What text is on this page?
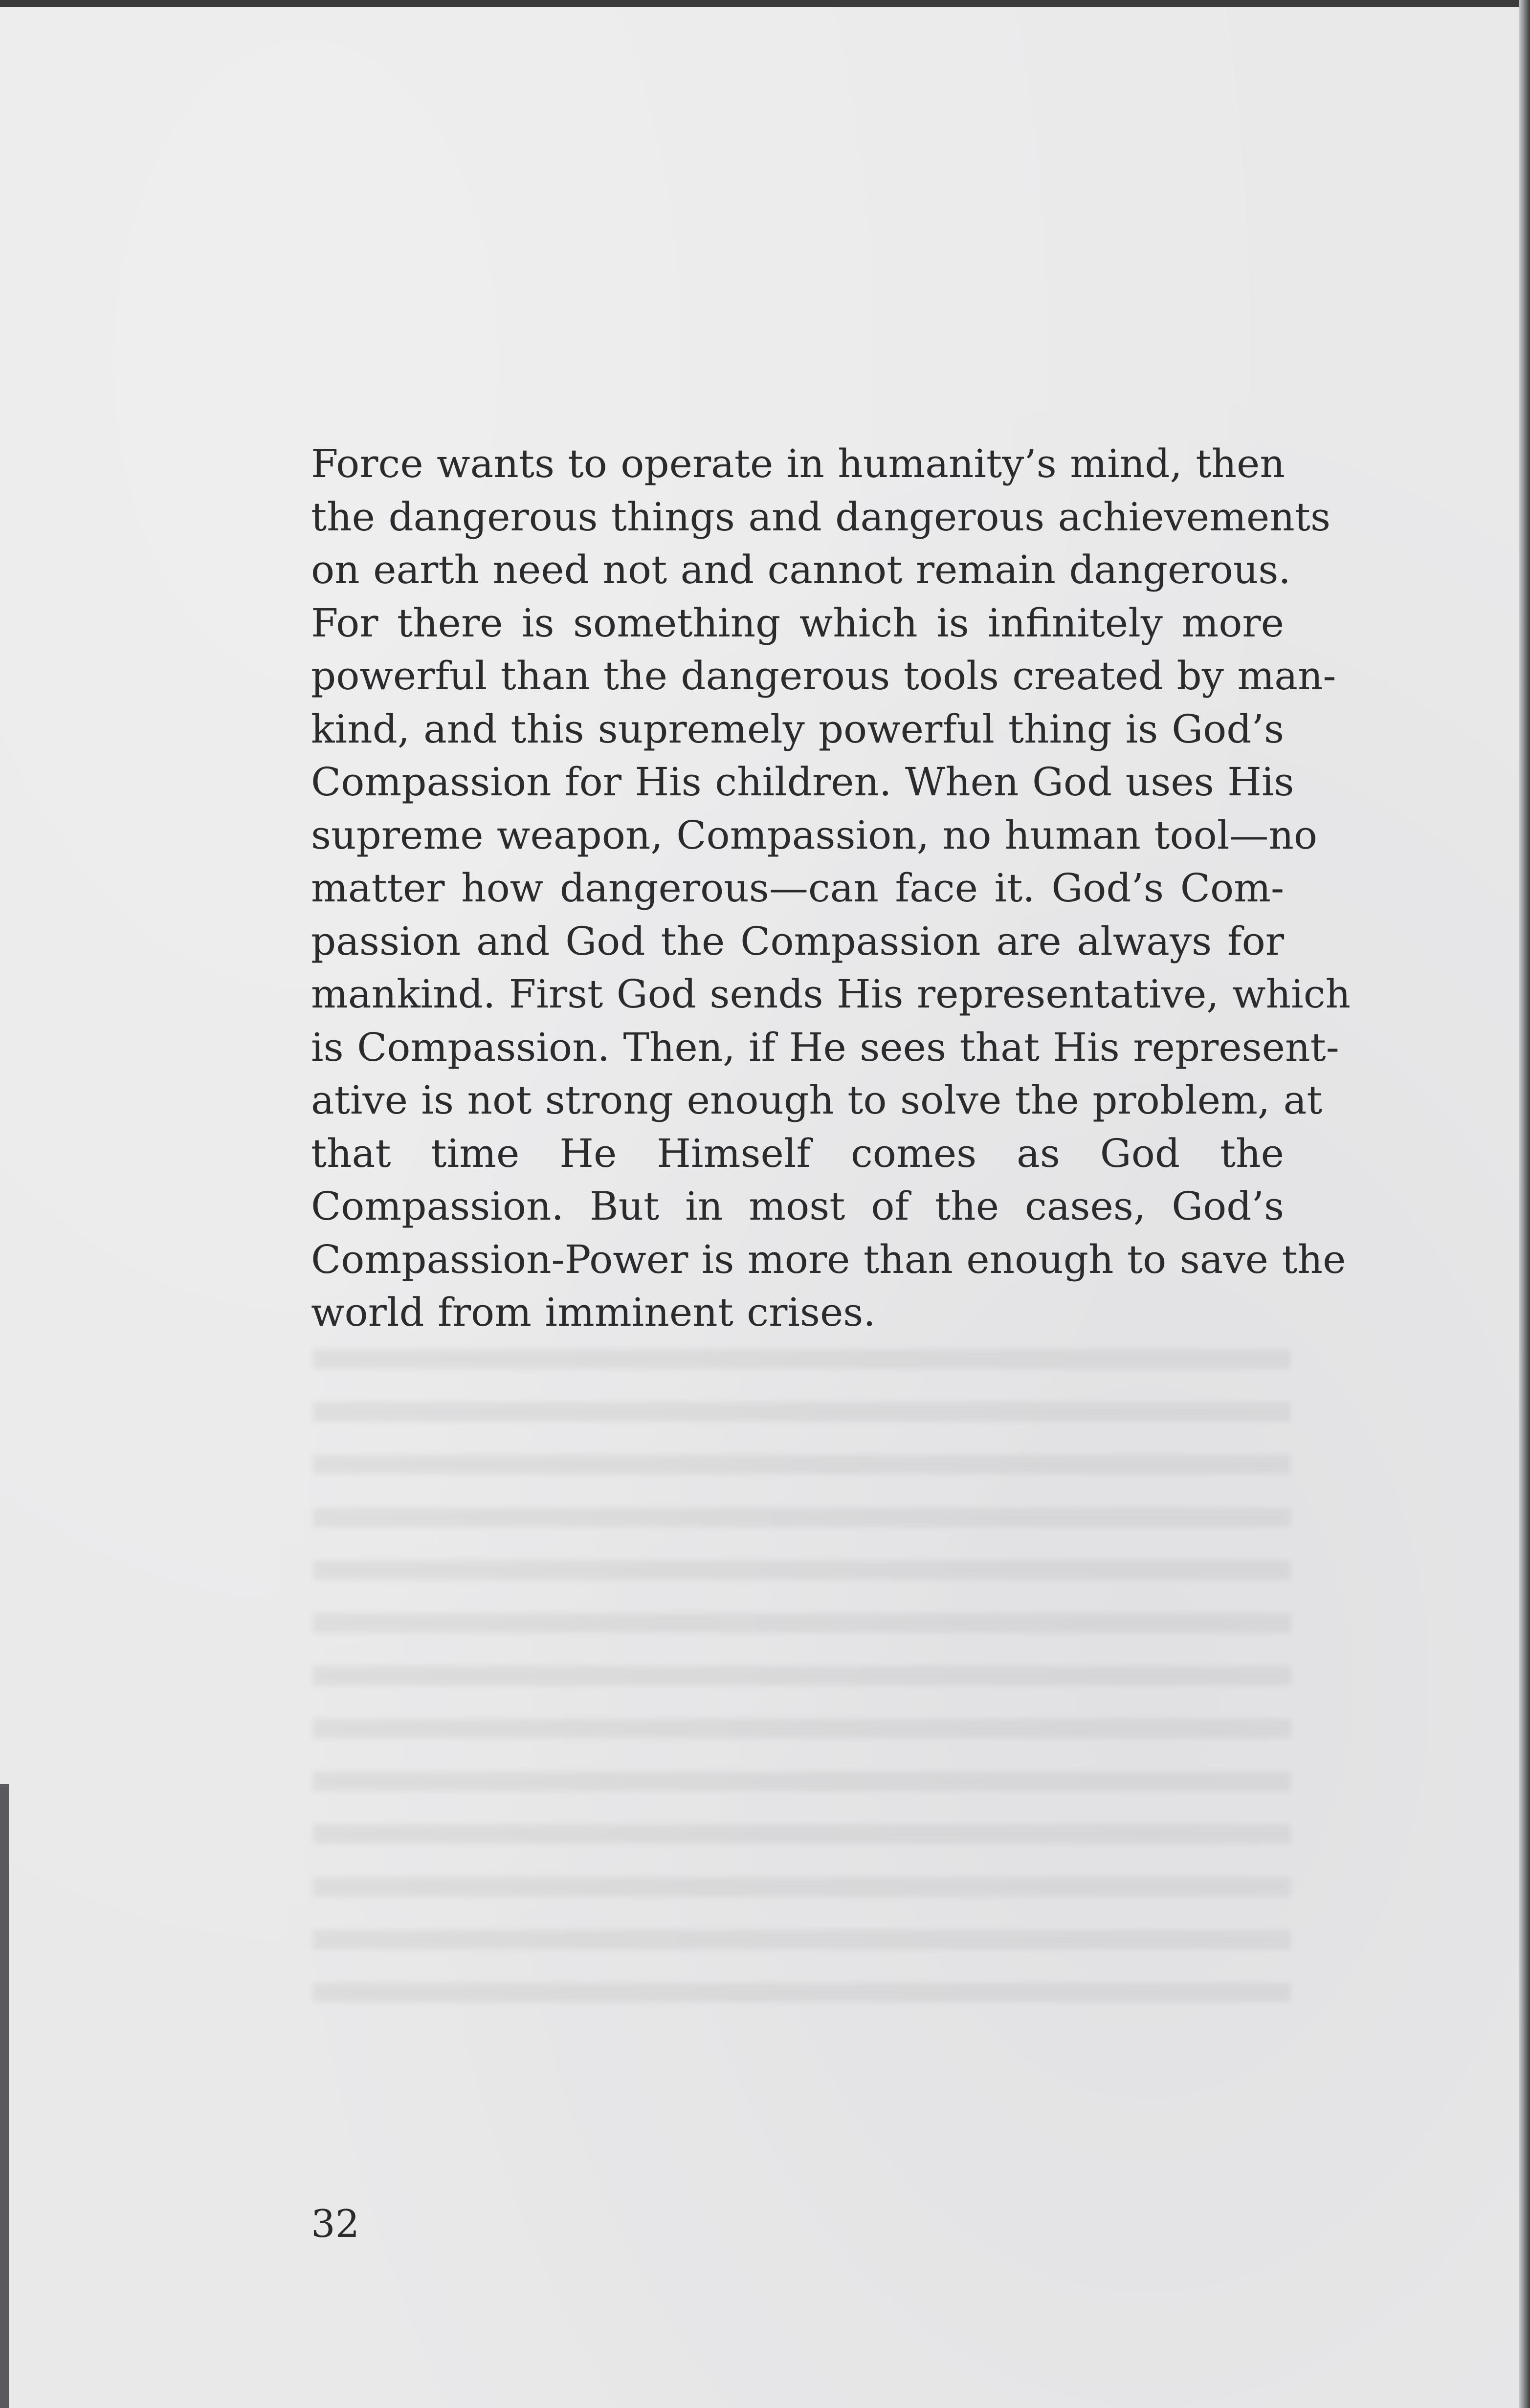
Force wants to operate in humanity’s mind, then
the dangerous things and dangerous achievements
on earth need not and cannot remain dangerous.
For there is something which is infinitely more
powerful than the dangerous tools created by man-
kind, and this supremely powerful thing is God’s
Compassion for His children. When God uses His
supreme weapon, Compassion, no human tool—no
matter how dangerous—can face it. God’s Com-
passion and God the Compassion are always for
mankind. First God sends His representative, which
is Compassion. Then, if He sees that His represent-
ative is not strong enough to solve the problem, at
that time He Himself comes as God the
Compassion. But in most of the cases, God’s
Compassion-Power is more than enough to save the
world from imminent crises.

32
